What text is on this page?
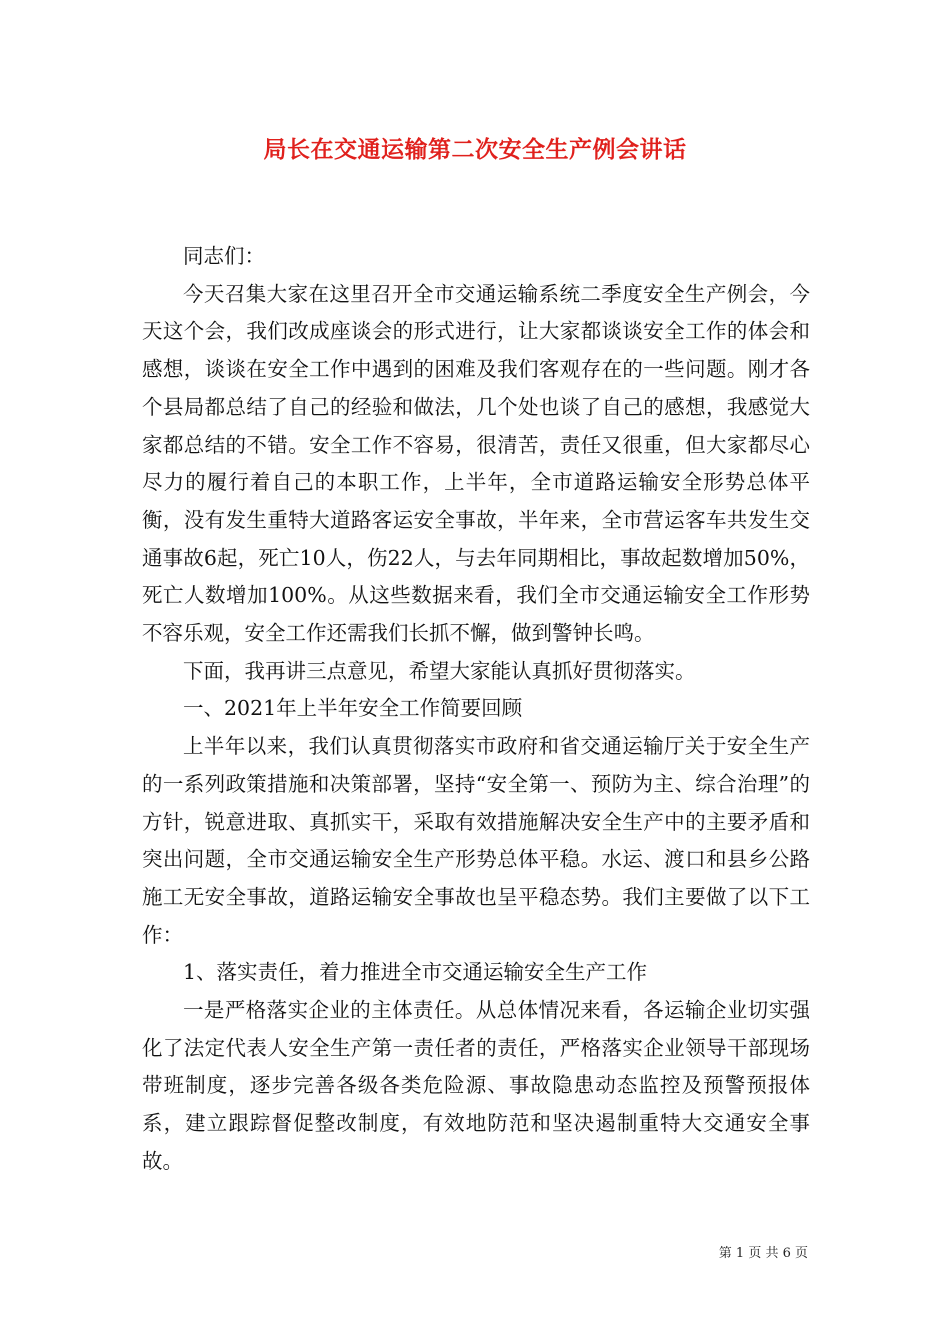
局长在交通运输第二次安全生产例会讲话

同志们：

今天召集大家在这里召开全市交通运输系统二季度安全生产例会，今天这个会，我们改成座谈会的形式进行，让大家都谈谈安全工作的体会和感想，谈谈在安全工作中遇到的困难及我们客观存在的一些问题。刚才各个县局都总结了自己的经验和做法，几个处也谈了自己的感想，我感觉大家都总结的不错。安全工作不容易，很清苦，责任又很重，但大家都尽心尽力的履行着自己的本职工作，上半年，全市道路运输安全形势总体平衡，没有发生重特大道路客运安全事故，半年来，全市营运客车共发生交通事故6起，死亡10人，伤22人，与去年同期相比，事故起数增加50%，死亡人数增加100%。从这些数据来看，我们全市交通运输安全工作形势不容乐观，安全工作还需我们长抓不懈，做到警钟长鸣。

下面，我再讲三点意见，希望大家能认真抓好贯彻落实。

一、2021年上半年安全工作简要回顾

上半年以来，我们认真贯彻落实市政府和省交通运输厅关于安全生产的一系列政策措施和决策部署，坚持“安全第一、预防为主、综合治理”的方针，锐意进取、真抓实干，采取有效措施解决安全生产中的主要矛盾和突出问题，全市交通运输安全生产形势总体平稳。水运、渡口和县乡公路施工无安全事故，道路运输安全事故也呈平稳态势。我们主要做了以下工作：

1、落实责任，着力推进全市交通运输安全生产工作

一是严格落实企业的主体责任。从总体情况来看，各运输企业切实强化了法定代表人安全生产第一责任者的责任，严格落实企业领导干部现场带班制度，逐步完善各级各类危险源、事故隐患动态监控及预警预报体系，建立跟踪督促整改制度，有效地防范和坚决遏制重特大交通安全事故。

第 1 页 共 6 页
